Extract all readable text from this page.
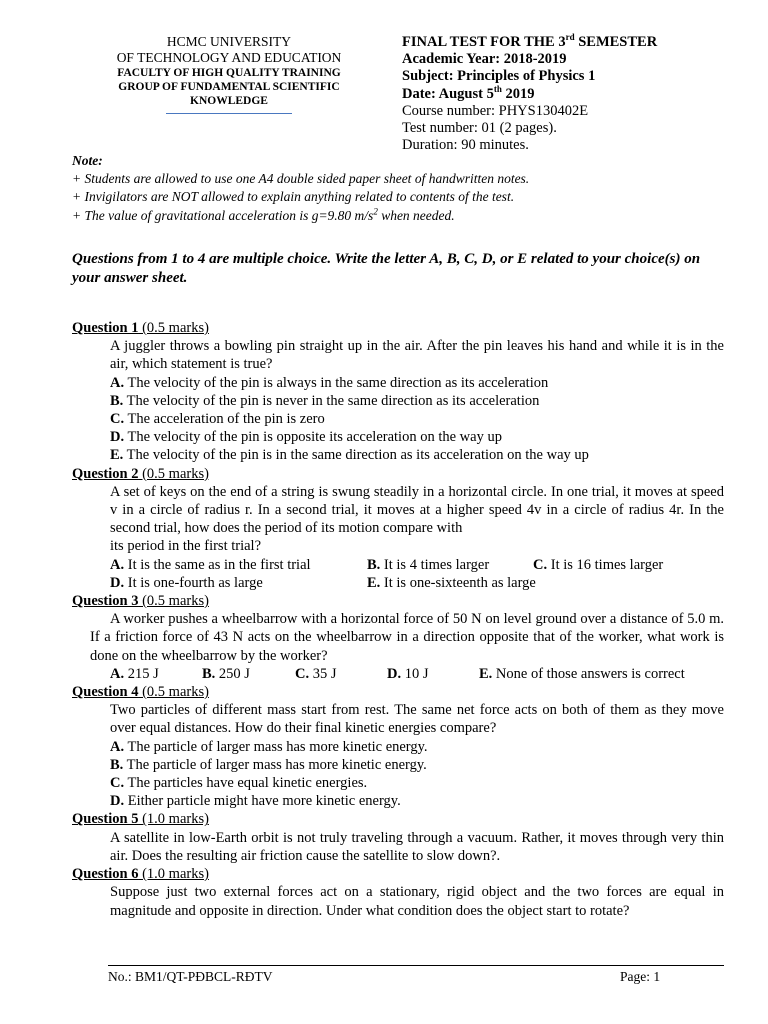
HCMC UNIVERSITY
OF TECHNOLOGY AND EDUCATION
FACULTY OF HIGH QUALITY TRAINING
GROUP OF FUNDAMENTAL SCIENTIFIC
KNOWLEDGE
FINAL TEST FOR THE 3rd SEMESTER
Academic Year: 2018-2019
Subject: Principles of Physics 1
Date: August 5th 2019
Course number: PHYS130402E
Test number: 01 (2 pages).
Duration: 90 minutes.
Note:
+ Students are allowed to use one A4 double sided paper sheet of handwritten notes.
+ Invigilators are NOT allowed to explain anything related to contents of the test.
+ The value of gravitational acceleration is g=9.80 $m/s^2$ when needed.
Questions from 1 to 4 are multiple choice. Write the letter A, B, C, D, or E related to your choice(s) on your answer sheet.
Question 1 (0.5 marks)
A juggler throws a bowling pin straight up in the air. After the pin leaves his hand and while it is in the air, which statement is true?
A. The velocity of the pin is always in the same direction as its acceleration
B. The velocity of the pin is never in the same direction as its acceleration
C. The acceleration of the pin is zero
D. The velocity of the pin is opposite its acceleration on the way up
E. The velocity of the pin is in the same direction as its acceleration on the way up
Question 2 (0.5 marks)
A set of keys on the end of a string is swung steadily in a horizontal circle. In one trial, it moves at speed v in a circle of radius r. In a second trial, it moves at a higher speed 4v in a circle of radius 4r. In the second trial, how does the period of its motion compare with
its period in the first trial?
A. It is the same as in the first trial	B. It is 4 times larger	C. It is 16 times larger
D. It is one-fourth as large	E. It is one-sixteenth as large
Question 3 (0.5 marks)
A worker pushes a wheelbarrow with a horizontal force of 50 N on level ground over a distance of 5.0 m. If a friction force of 43 N acts on the wheelbarrow in a direction opposite that of the worker, what work is done on the wheelbarrow by the worker?
A. 215 J	B. 250 J	C. 35 J	D. 10 J	E. None of those answers is correct
Question 4 (0.5 marks)
Two particles of different mass start from rest. The same net force acts on both of them as they move over equal distances. How do their final kinetic energies compare?
A. The particle of larger mass has more kinetic energy.
B. The particle of larger mass has more kinetic energy.
C. The particles have equal kinetic energies.
D. Either particle might have more kinetic energy.
Question 5 (1.0 marks)
A satellite in low-Earth orbit is not truly traveling through a vacuum. Rather, it moves through very thin air. Does the resulting air friction cause the satellite to slow down?.
Question 6 (1.0 marks)
Suppose just two external forces act on a stationary, rigid object and the two forces are equal in magnitude and opposite in direction. Under what condition does the object start to rotate?
No.: BM1/QT-PĐBCL-RĐTV	Page: 1
